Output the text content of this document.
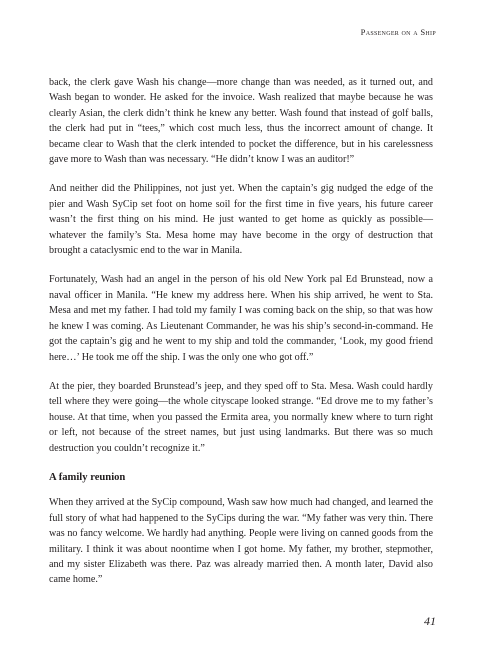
Passenger on a Ship

back, the clerk gave Wash his change—more change than was needed, as it turned out, and Wash began to wonder. He asked for the invoice. Wash realized that maybe because he was clearly Asian, the clerk didn’t think he knew any better. Wash found that instead of golf balls, the clerk had put in “tees,” which cost much less, thus the incorrect amount of change. It became clear to Wash that the clerk intended to pocket the difference, but in his carelessness gave more to Wash than was necessary. “He didn’t know I was an auditor!”

And neither did the Philippines, not just yet. When the captain’s gig nudged the edge of the pier and Wash SyCip set foot on home soil for the first time in five years, his future career wasn’t the first thing on his mind. He just wanted to get home as quickly as possible—whatever the family’s Sta. Mesa home may have become in the orgy of destruction that brought a cataclysmic end to the war in Manila.

Fortunately, Wash had an angel in the person of his old New York pal Ed Brunstead, now a naval officer in Manila. “He knew my address here. When his ship arrived, he went to Sta. Mesa and met my father. I had told my family I was coming back on the ship, so that was how he knew I was coming. As Lieutenant Commander, he was his ship’s second-in-command. He got the captain’s gig and he went to my ship and told the commander, ‘Look, my good friend here…’ He took me off the ship. I was the only one who got off.”

At the pier, they boarded Brunstead’s jeep, and they sped off to Sta. Mesa. Wash could hardly tell where they were going—the whole cityscape looked strange. “Ed drove me to my father’s house. At that time, when you passed the Ermita area, you normally knew where to turn right or left, not because of the street names, but just using landmarks. But there was so much destruction you couldn’t recognize it.”

A family reunion

When they arrived at the SyCip compound, Wash saw how much had changed, and learned the full story of what had happened to the SyCips during the war. “My father was very thin. There was no fancy welcome. We hardly had anything. People were living on canned goods from the military. I think it was about noontime when I got home. My father, my brother, stepmother, and my sister Elizabeth was there. Paz was already married then. A month later, David also came home.”

41
